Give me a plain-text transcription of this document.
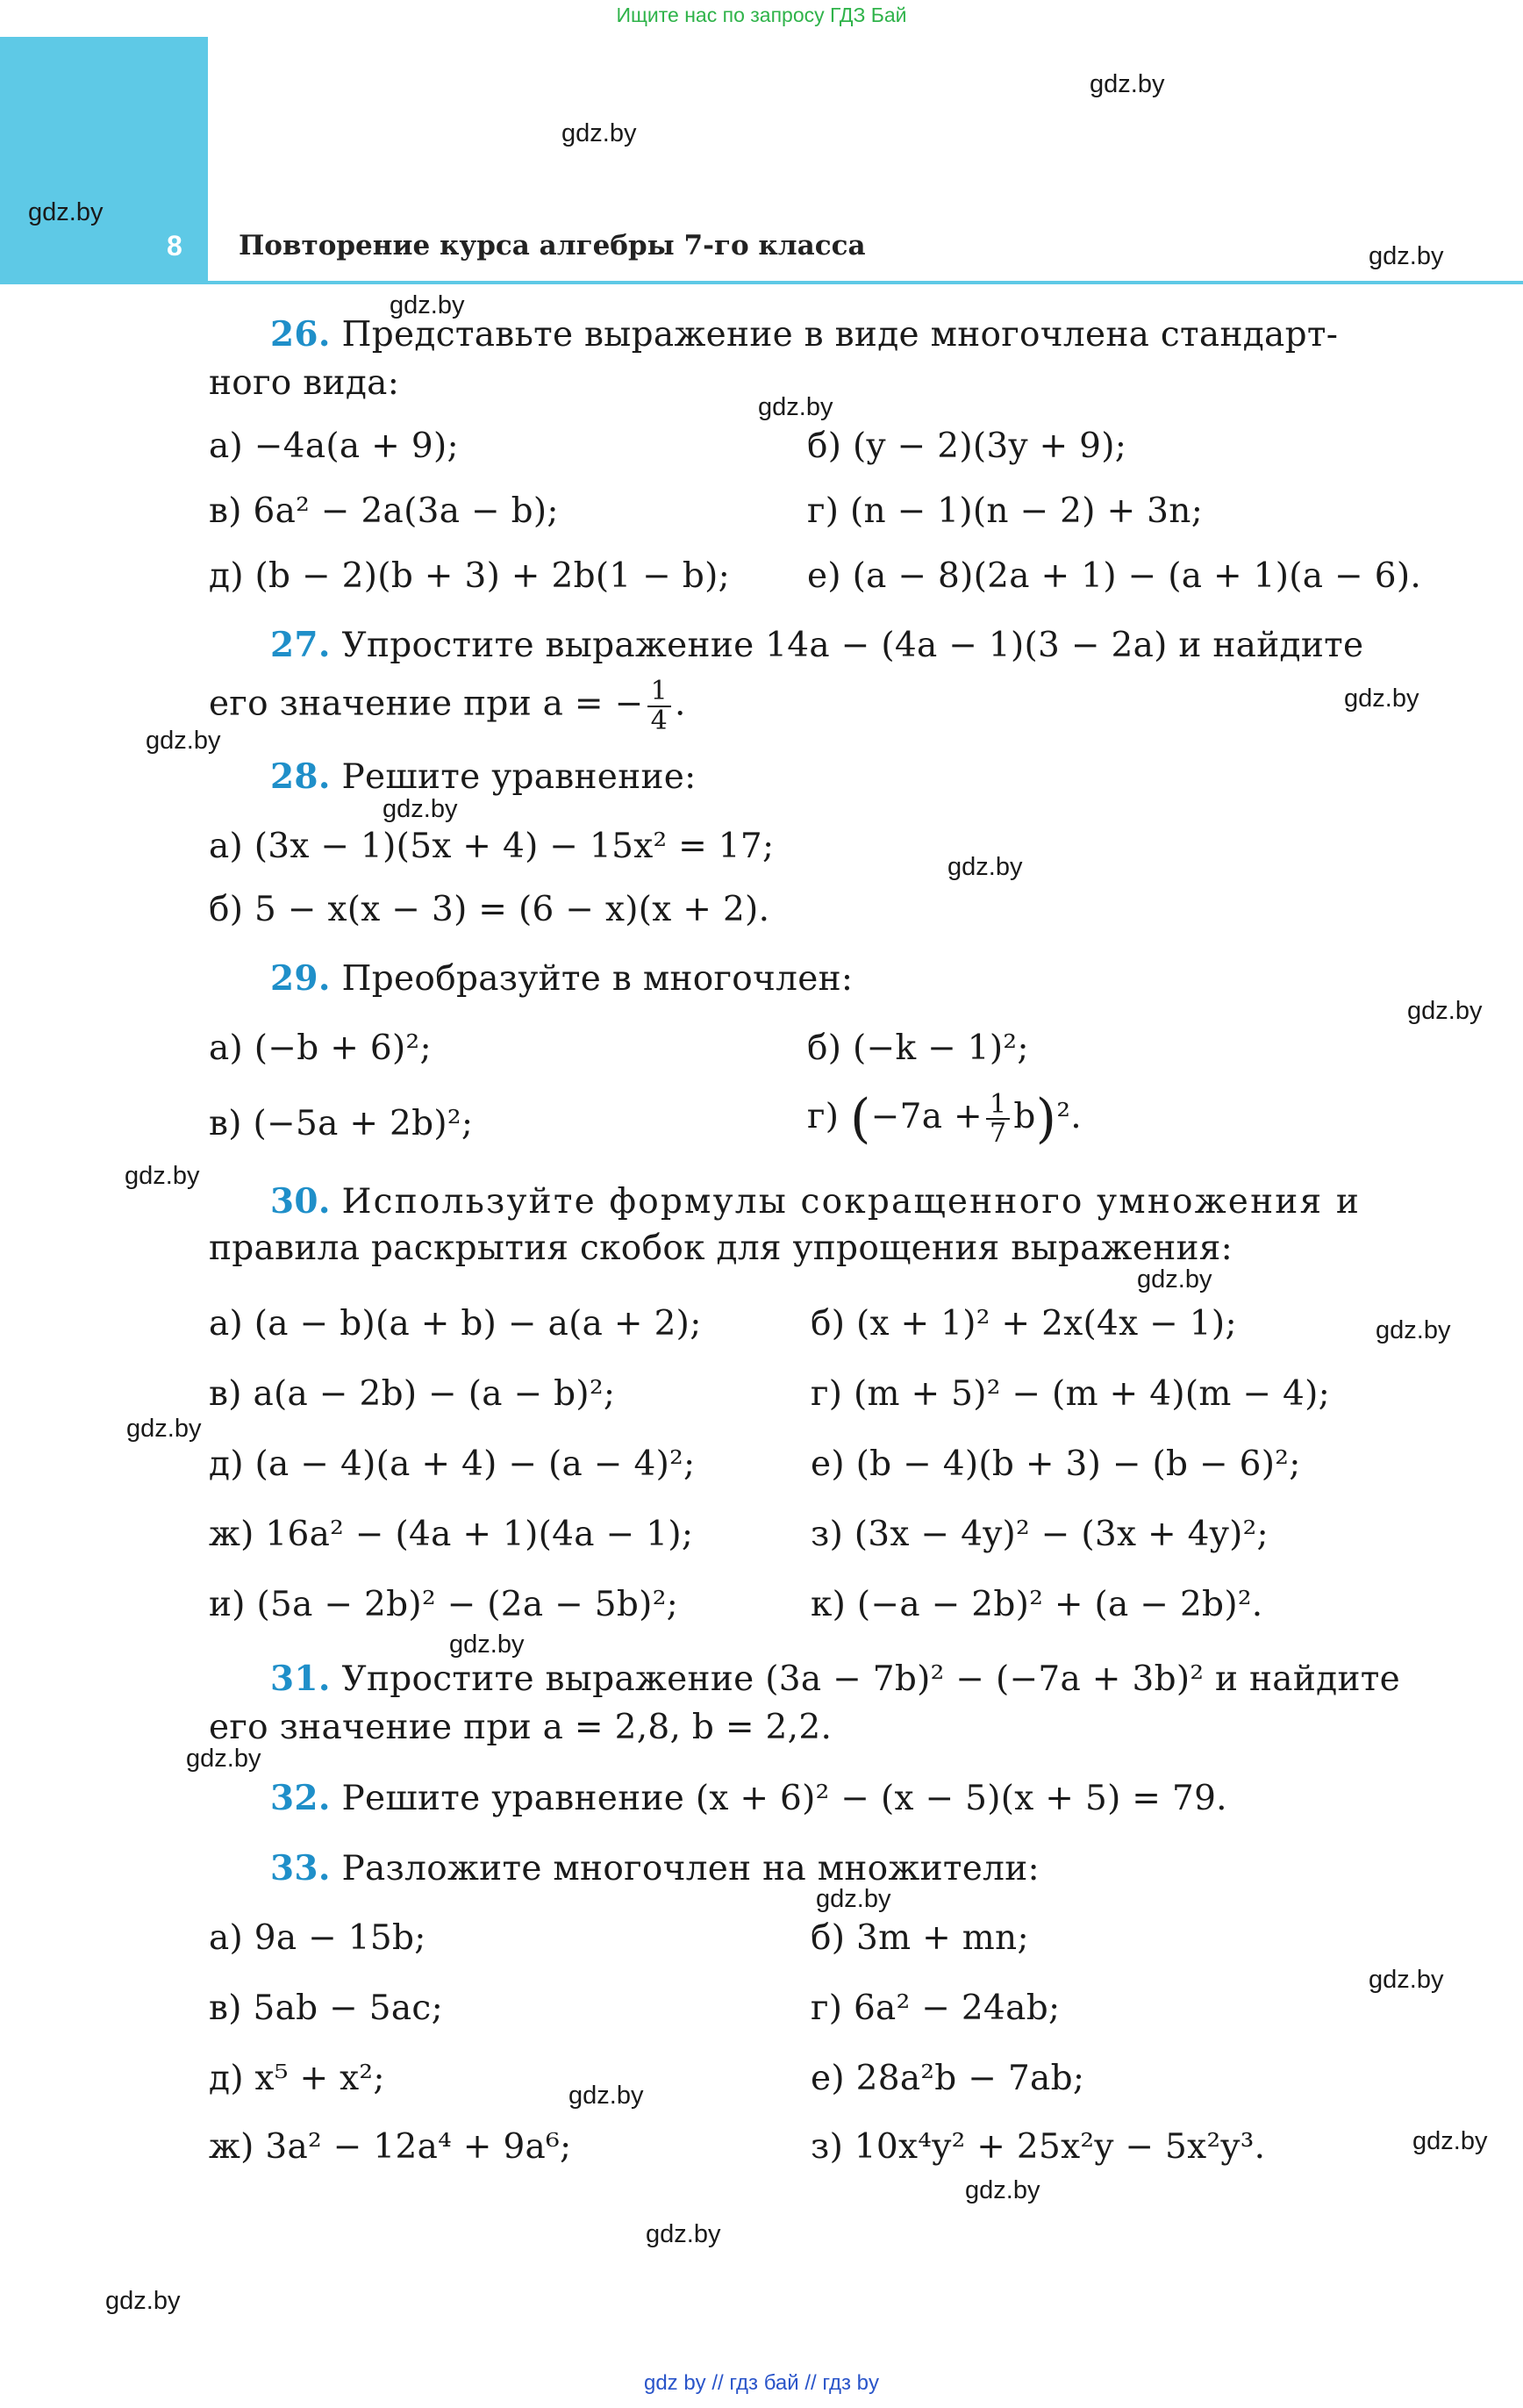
Ищите нас по запросу ГДЗ Бай
8 Повторение курса алгебры 7-го класса
gdz.by
gdz.by
gdz.by
gdz.by
gdz.by
gdz.by
gdz.by
gdz.by
gdz.by
gdz.by
gdz.by
gdz.by
gdz.by
gdz.by
gdz.by
gdz.by
gdz.by
gdz.by
gdz.by
gdz.by
gdz.by
gdz.by
gdz.by
gdz.by
26. Представьте выражение в виде многочлена стандарт-
ного вида:
а) −4a(a + 9);	б) (y − 2)(3y + 9);
в) 6a² − 2a(3a − b);	г) (n − 1)(n − 2) + 3n;
д) (b − 2)(b + 3) + 2b(1 − b); е) (a − 8)(2a + 1) − (a + 1)(a − 6).
27. Упростите выражение 14a − (4a − 1)(3 − 2a) и найдите
его значение при a = − $\frac{1}{4}$ .
28. Решите уравнение:
а) (3x − 1)(5x + 4) − 15x² = 17;
б) 5 − x(x − 3) = (6 − x)(x + 2).
29. Преобразуйте в многочлен:
а) (−b + 6)²;	б) (−k − 1)²;
в) (−5a + 2b)²;	г) $(-7a + \frac{1}{7} b)^2$.
30. Используйте формулы сокращенного умножения и
правила раскрытия скобок для упрощения выражения:
а) (a − b)(a + b) − a(a + 2);	б) (x + 1)² + 2x(4x − 1);
в) a(a − 2b) − (a − b)²;	г) (m + 5)² − (m + 4)(m − 4);
д) (a − 4)(a + 4) − (a − 4)²;	е) (b − 4)(b + 3) − (b − 6)²;
ж) 16a² − (4a + 1)(4a − 1);	з) (3x − 4y)² − (3x + 4y)²;
и) (5a − 2b)² − (2a − 5b)²;	к) (−a − 2b)² + (a − 2b)².
31. Упростите выражение (3a − 7b)² − (−7a + 3b)² и найдите
его значение при a = 2,8, b = 2,2.
32. Решите уравнение (x + 6)² − (x − 5)(x + 5) = 79.
33. Разложите многочлен на множители:
а) 9a − 15b;	б) 3m + mn;
в) 5ab − 5ac;	г) 6a² − 24ab;
д) x⁵ + x²;	е) 28a²b − 7ab;
ж) 3a² − 12a⁴ + 9a⁶;	з) 10x⁴y² + 25x²y − 5x²y³.
gdz by // гдз бай // гдз by
